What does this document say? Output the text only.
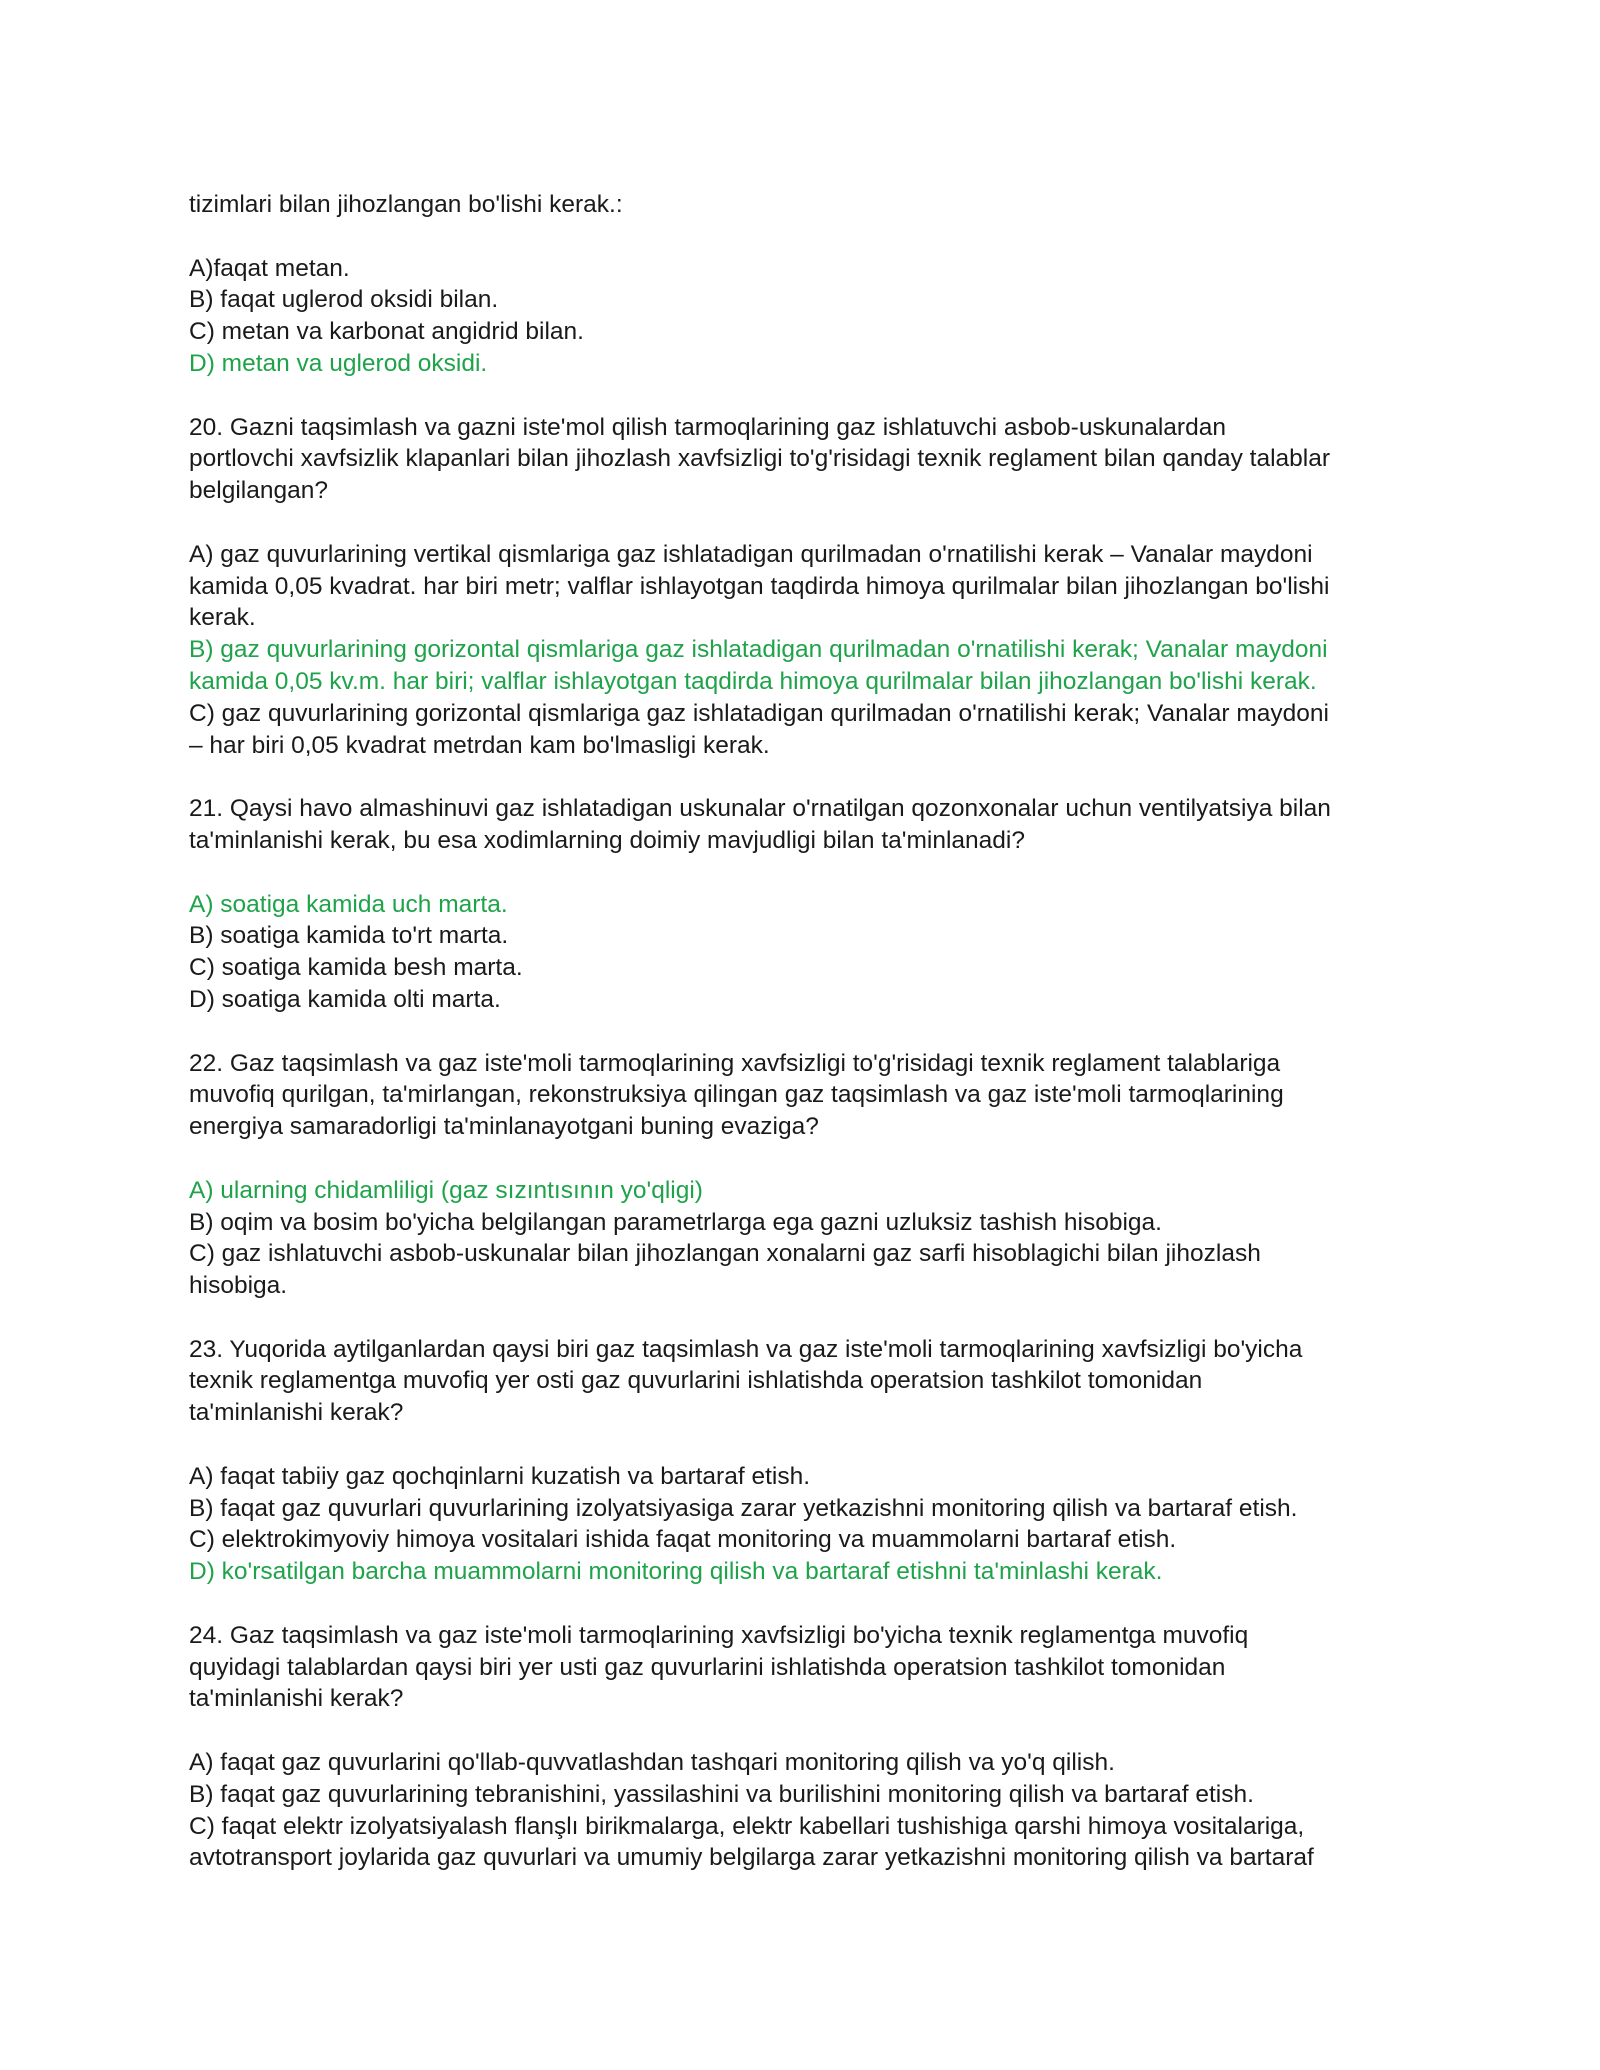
tizimlari bilan jihozlangan bo'lishi kerak.:
A)faqat metan.
B) faqat uglerod oksidi bilan.
C) metan va karbonat angidrid bilan.
D) metan va uglerod oksidi.
20. Gazni taqsimlash va gazni iste'mol qilish tarmoqlarining gaz ishlatuvchi asbob-uskunalardan
portlovchi xavfsizlik klapanlari bilan jihozlash xavfsizligi to'g'risidagi texnik reglament bilan qanday talablar
belgilangan?
A) gaz quvurlarining vertikal qismlariga gaz ishlatadigan qurilmadan o'rnatilishi kerak – Vanalar maydoni
kamida 0,05 kvadrat. har biri metr; valflar ishlayotgan taqdirda himoya qurilmalar bilan jihozlangan bo'lishi
kerak.
B) gaz quvurlarining gorizontal qismlariga gaz ishlatadigan qurilmadan o'rnatilishi kerak; Vanalar maydoni
kamida 0,05 kv.m. har biri; valflar ishlayotgan taqdirda himoya qurilmalar bilan jihozlangan bo'lishi kerak.
C) gaz quvurlarining gorizontal qismlariga gaz ishlatadigan qurilmadan o'rnatilishi kerak; Vanalar maydoni
– har biri 0,05 kvadrat metrdan kam bo'lmasligi kerak.
21. Qaysi havo almashinuvi gaz ishlatadigan uskunalar o'rnatilgan qozonxonalar uchun ventilyatsiya bilan
ta'minlanishi kerak, bu esa xodimlarning doimiy mavjudligi bilan ta'minlanadi?
A) soatiga kamida uch marta.
B) soatiga kamida to'rt marta.
C) soatiga kamida besh marta.
D) soatiga kamida olti marta.
22. Gaz taqsimlash va gaz iste'moli tarmoqlarining xavfsizligi to'g'risidagi texnik reglament talablariga
muvofiq qurilgan, ta'mirlangan, rekonstruksiya qilingan gaz taqsimlash va gaz iste'moli tarmoqlarining
energiya samaradorligi ta'minlanayotgani buning evaziga?
A) ularning chidamliligi (gaz sızıntısının yo'qligi)
B) oqim va bosim bo'yicha belgilangan parametrlarga ega gazni uzluksiz tashish hisobiga.
C) gaz ishlatuvchi asbob-uskunalar bilan jihozlangan xonalarni gaz sarfi hisoblagichi bilan jihozlash
hisobiga.
23. Yuqorida aytilganlardan qaysi biri gaz taqsimlash va gaz iste'moli tarmoqlarining xavfsizligi bo'yicha
texnik reglamentga muvofiq yer osti gaz quvurlarini ishlatishda operatsion tashkilot tomonidan
ta'minlanishi kerak?
A) faqat tabiiy gaz qochqinlarni kuzatish va bartaraf etish.
B) faqat gaz quvurlari quvurlarining izolyatsiyasiga zarar yetkazishni monitoring qilish va bartaraf etish.
C) elektrokimyoviy himoya vositalari ishida faqat monitoring va muammolarni bartaraf etish.
D) ko'rsatilgan barcha muammolarni monitoring qilish va bartaraf etishni ta'minlashi kerak.
24. Gaz taqsimlash va gaz iste'moli tarmoqlarining xavfsizligi bo'yicha texnik reglamentga muvofiq
quyidagi talablardan qaysi biri yer usti gaz quvurlarini ishlatishda operatsion tashkilot tomonidan
ta'minlanishi kerak?
A) faqat gaz quvurlarini qo'llab-quvvatlashdan tashqari monitoring qilish va yo'q qilish.
B) faqat gaz quvurlarining tebranishini, yassilashini va burilishini monitoring qilish va bartaraf etish.
C) faqat elektr izolyatsiyalash flanşlı birikmalarga, elektr kabellari tushishiga qarshi himoya vositalariga,
avtotransport joylarida gaz quvurlari va umumiy belgilarga zarar yetkazishni monitoring qilish va bartaraf
